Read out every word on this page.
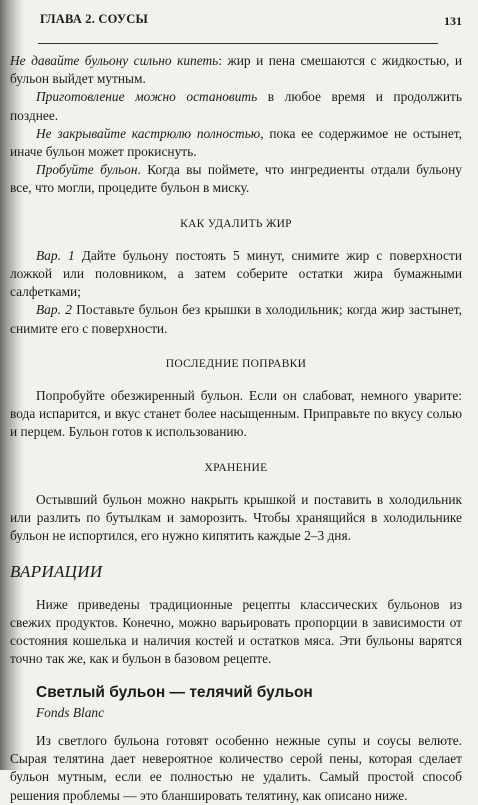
ГЛАВА 2. СОУСЫ	131

Не давайте бульону сильно кипеть: жир и пена смешаются с жидкостью, и бульон выйдет мутным.

Приготовление можно остановить в любое время и продолжить позднее.

Не закрывайте кастрюлю полностью, пока ее содержимое не остынет, иначе бульон может прокиснуть.

Пробуйте бульон. Когда вы поймете, что ингредиенты отдали бульону все, что могли, процедите бульон в миску.

КАК УДАЛИТЬ ЖИР

Вар. 1 Дайте бульону постоять 5 минут, снимите жир с поверхности ложкой или половником, а затем соберите остатки жира бумажными салфетками;

Вар. 2 Поставьте бульон без крышки в холодильник; когда жир застынет, снимите его с поверхности.

ПОСЛЕДНИЕ ПОПРАВКИ

Попробуйте обезжиренный бульон. Если он слабоват, немного уварите: вода испарится, и вкус станет более насыщенным. Приправьте по вкусу солью и перцем. Бульон готов к использованию.

ХРАНЕНИЕ

Остывший бульон можно накрыть крышкой и поставить в холодильник или разлить по бутылкам и заморозить. Чтобы хранящийся в холодильнике бульон не испортился, его нужно кипятить каждые 2–3 дня.

ВАРИАЦИИ

Ниже приведены традиционные рецепты классических бульонов из свежих продуктов. Конечно, можно варьировать пропорции в зависимости от состояния кошелька и наличия костей и остатков мяса. Эти бульоны варятся точно так же, как и бульон в базовом рецепте.

Светлый бульон — телячий бульон
Fonds Blanc

Из светлого бульона готовят особенно нежные супы и соусы велюте. Сырая телятина дает невероятное количество серой пены, которая сделает бульон мутным, если ее полностью не удалить. Самый простой способ решения проблемы — это бланшировать телятину, как описано ниже.
